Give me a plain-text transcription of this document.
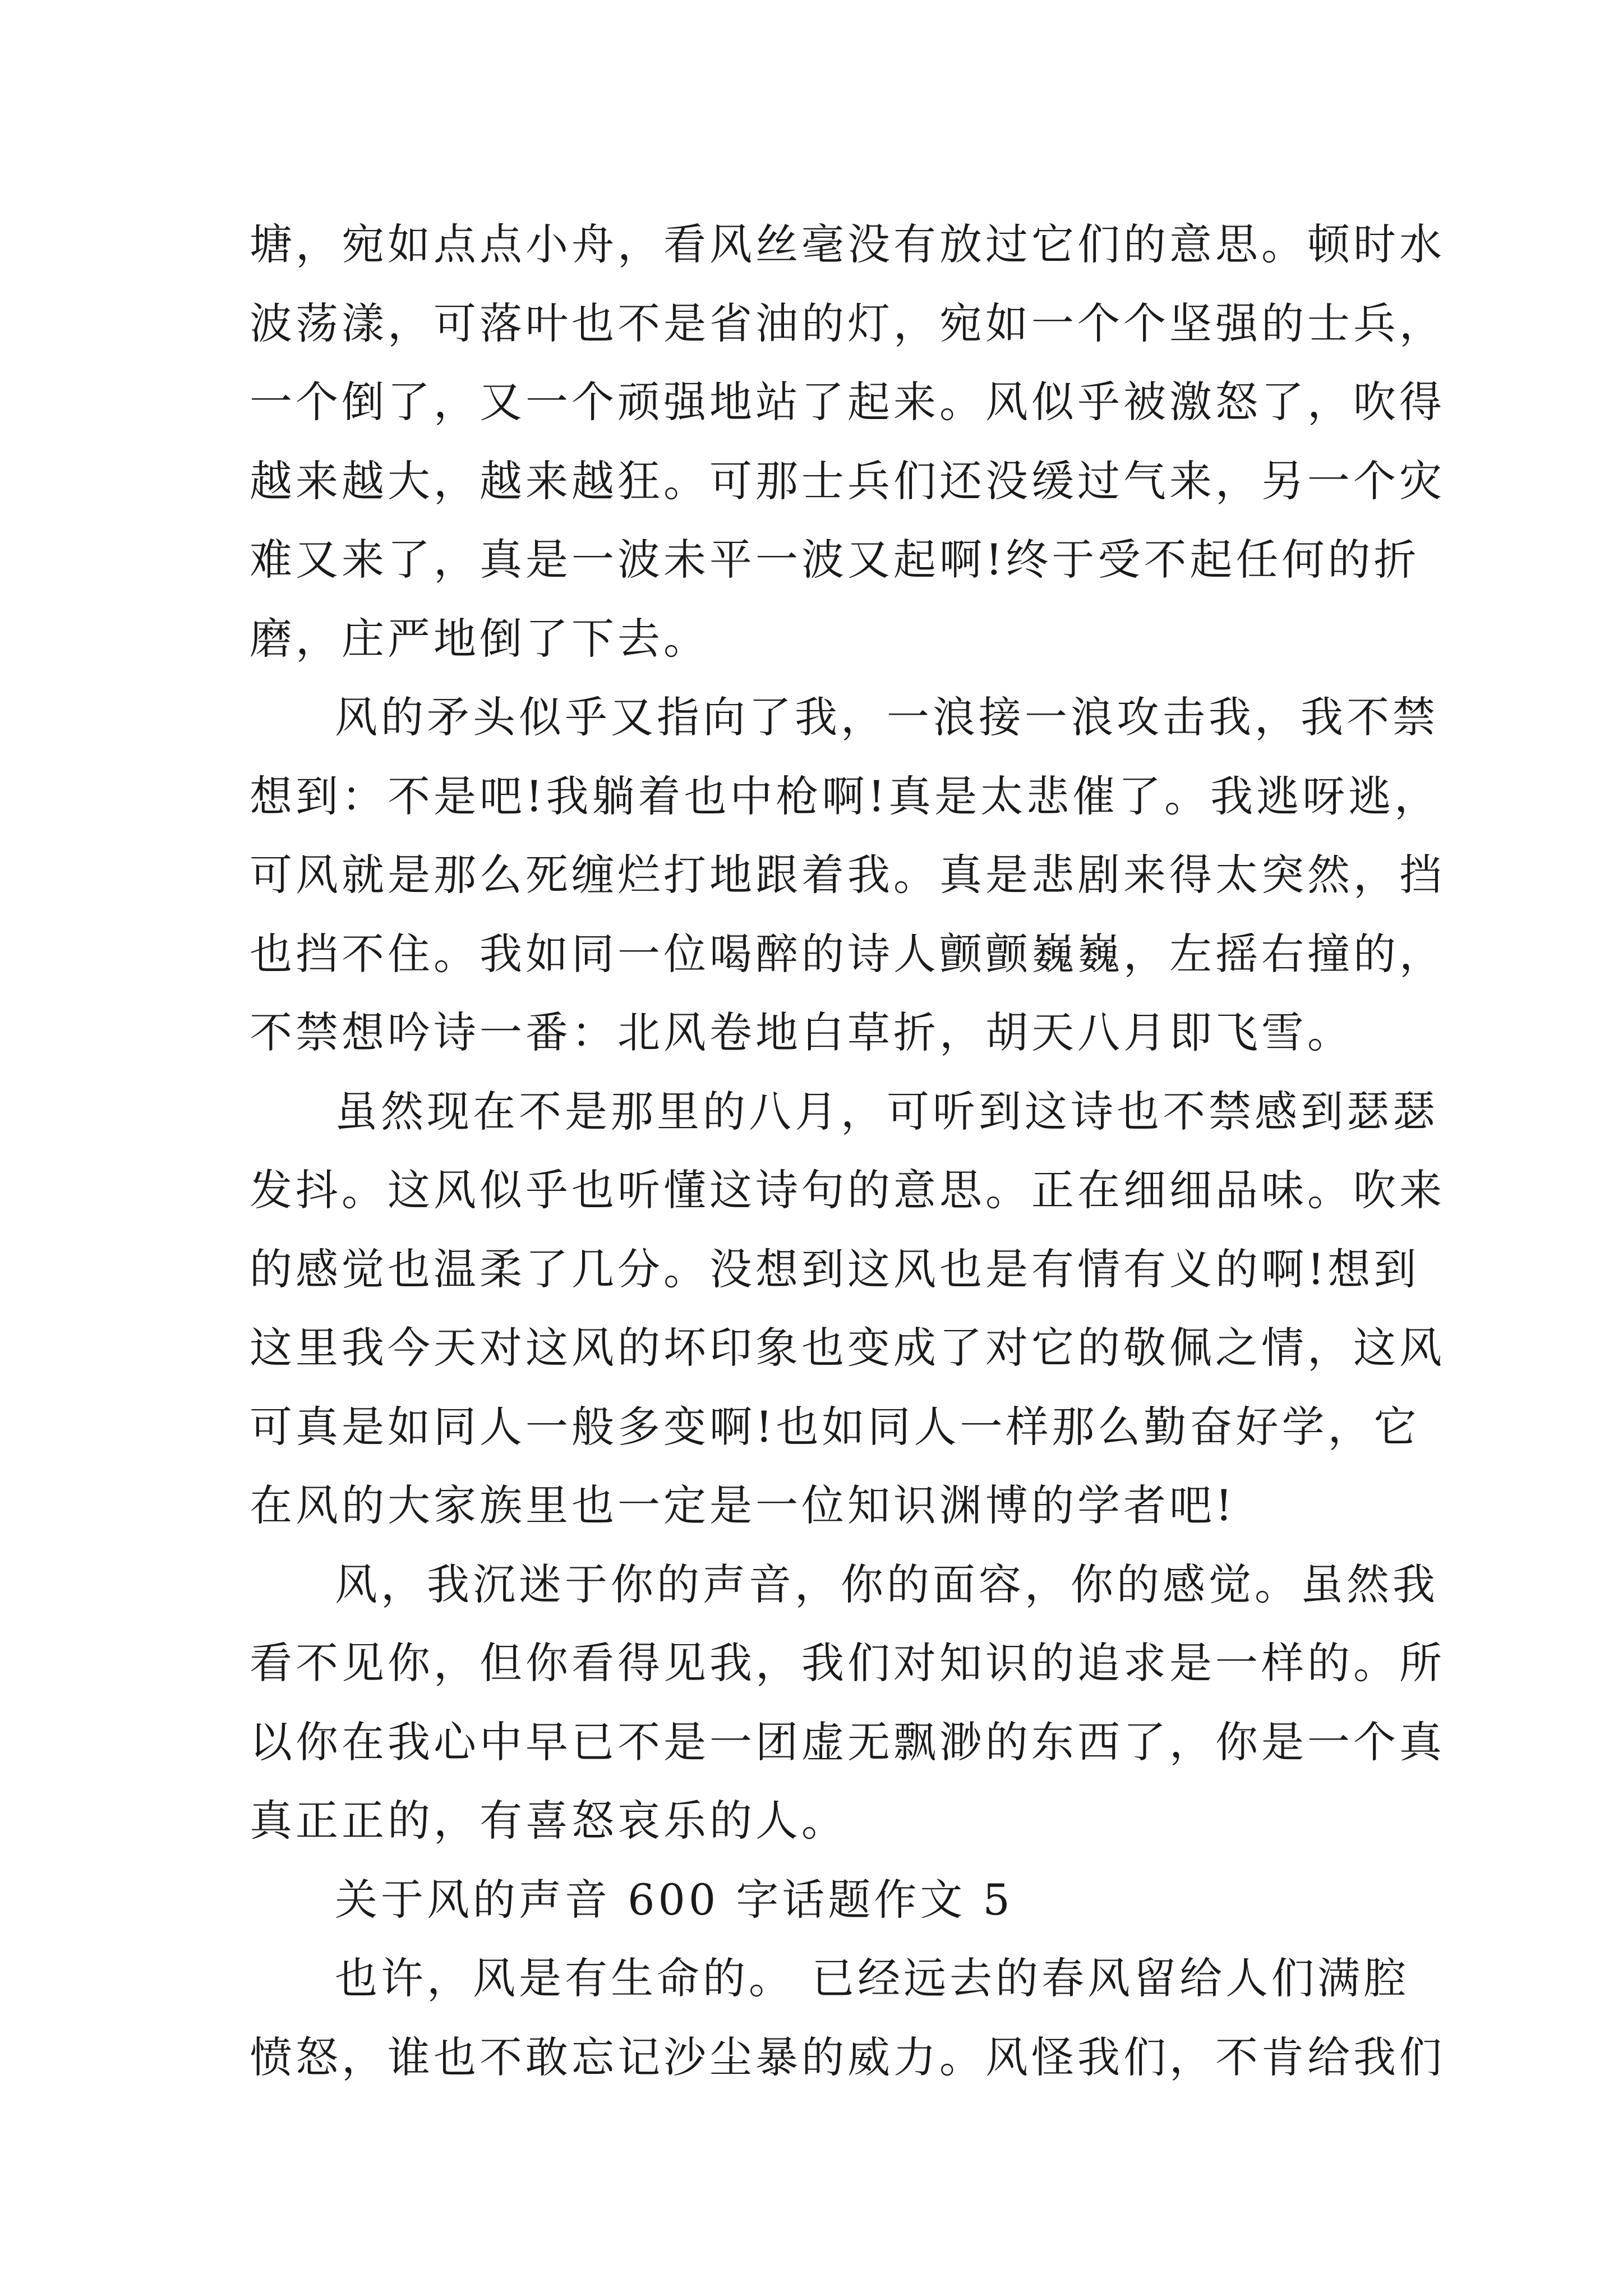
塘，宛如点点小舟，看风丝毫没有放过它们的意思。顿时水
波荡漾，可落叶也不是省油的灯，宛如一个个坚强的士兵，
一个倒了，又一个顽强地站了起来。风似乎被激怒了，吹得
越来越大，越来越狂。可那士兵们还没缓过气来，另一个灾
难又来了，真是一波未平一波又起啊!终于受不起任何的折
磨，庄严地倒了下去。
风的矛头似乎又指向了我，一浪接一浪攻击我，我不禁
想到：不是吧!我躺着也中枪啊!真是太悲催了。我逃呀逃，
可风就是那么死缠烂打地跟着我。真是悲剧来得太突然，挡
也挡不住。我如同一位喝醉的诗人颤颤巍巍，左摇右撞的，
不禁想吟诗一番：北风卷地白草折，胡天八月即飞雪。
虽然现在不是那里的八月，可听到这诗也不禁感到瑟瑟
发抖。这风似乎也听懂这诗句的意思。正在细细品味。吹来
的感觉也温柔了几分。没想到这风也是有情有义的啊!想到
这里我今天对这风的坏印象也变成了对它的敬佩之情，这风
可真是如同人一般多变啊!也如同人一样那么勤奋好学，它
在风的大家族里也一定是一位知识渊博的学者吧!
风，我沉迷于你的声音，你的面容，你的感觉。虽然我
看不见你，但你看得见我，我们对知识的追求是一样的。所
以你在我心中早已不是一团虚无飘渺的东西了，你是一个真
真正正的，有喜怒哀乐的人。
关于风的声音 600 字话题作文 5
也许，风是有生命的。 已经远去的春风留给人们满腔
愤怒，谁也不敢忘记沙尘暴的威力。风怪我们，不肯给我们
